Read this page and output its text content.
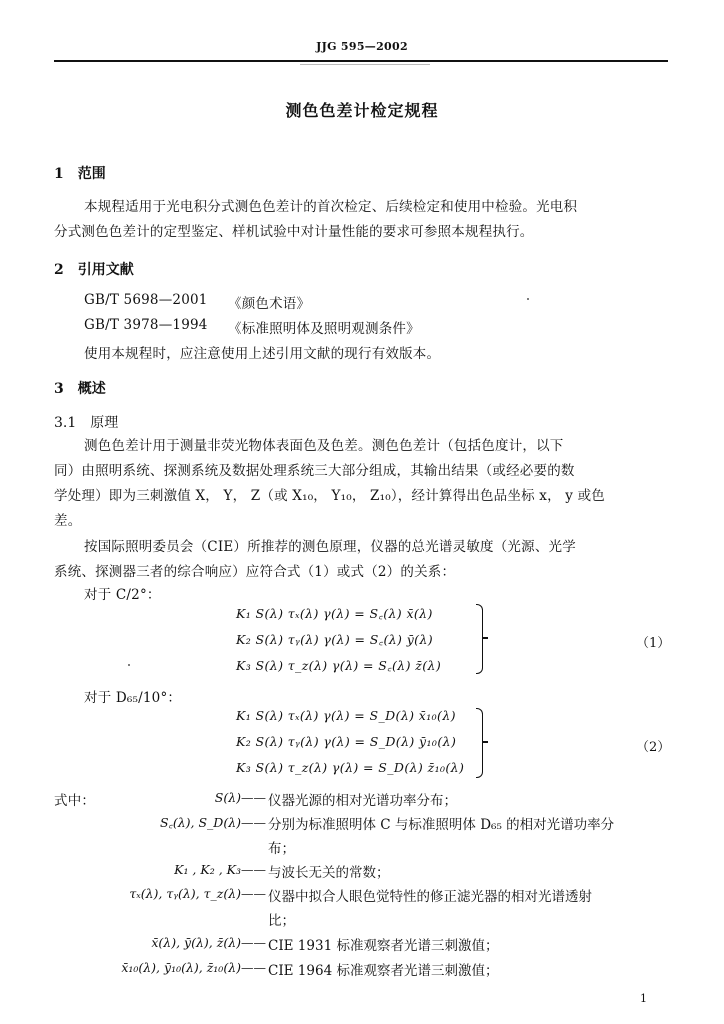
JJG 595—2002
测色色差计检定规程
1　范围
本规程适用于光电积分式测色色差计的首次检定、后续检定和使用中检验。光电积
分式测色色差计的定型鉴定、样机试验中对计量性能的要求可参照本规程执行。
2　引用文献
GB/T 5698—2001 《颜色术语》
GB/T 3978—1994 《标准照明体及照明观测条件》
使用本规程时，应注意使用上述引用文献的现行有效版本。
3　概述
3.1　原理
测色色差计用于测量非荧光物体表面色及色差。测色色差计（包括色度计，以下
同）由照明系统、探测系统及数据处理系统三大部分组成，其输出结果（或经必要的数
学处理）即为三刺激值 X， Y， Z（或 X₁₀， Y₁₀， Z₁₀），经计算得出色品坐标 x， y 或色
差。
按国际照明委员会（CIE）所推荐的测色原理，仪器的总光谱灵敏度（光源、光学
系统、探测器三者的综合响应）应符合式（1）或式（2）的关系：
对于 C/2°：
K₁ S(λ) τₓ(λ) γ(λ) = S꜀(λ) x̄(λ)
K₂ S(λ) τᵧ(λ) γ(λ) = S꜀(λ) ȳ(λ)
K₃ S(λ) τ_z(λ) γ(λ) = S꜀(λ) z̄(λ)
（1）
对于 D₆₅/10°：
K₁ S(λ) τₓ(λ) γ(λ) = S_D(λ) x̄₁₀(λ)
K₂ S(λ) τᵧ(λ) γ(λ) = S_D(λ) ȳ₁₀(λ)
K₃ S(λ) τ_z(λ) γ(λ) = S_D(λ) z̄₁₀(λ)
（2）
式中：	S(λ)—— 仪器光源的相对光谱功率分布；
S꜀(λ), S_D(λ)—— 分别为标准照明体 C 与标准照明体 D₆₅ 的相对光谱功率分
布；
K₁ , K₂ , K₃—— 与波长无关的常数；
τₓ(λ), τᵧ(λ), τ_z(λ)—— 仪器中拟合人眼色觉特性的修正滤光器的相对光谱透射
比；
x̄(λ), ȳ(λ), z̄(λ)—— CIE 1931 标准观察者光谱三刺激值；
x̄₁₀(λ), ȳ₁₀(λ), z̄₁₀(λ)—— CIE 1964 标准观察者光谱三刺激值；
1
